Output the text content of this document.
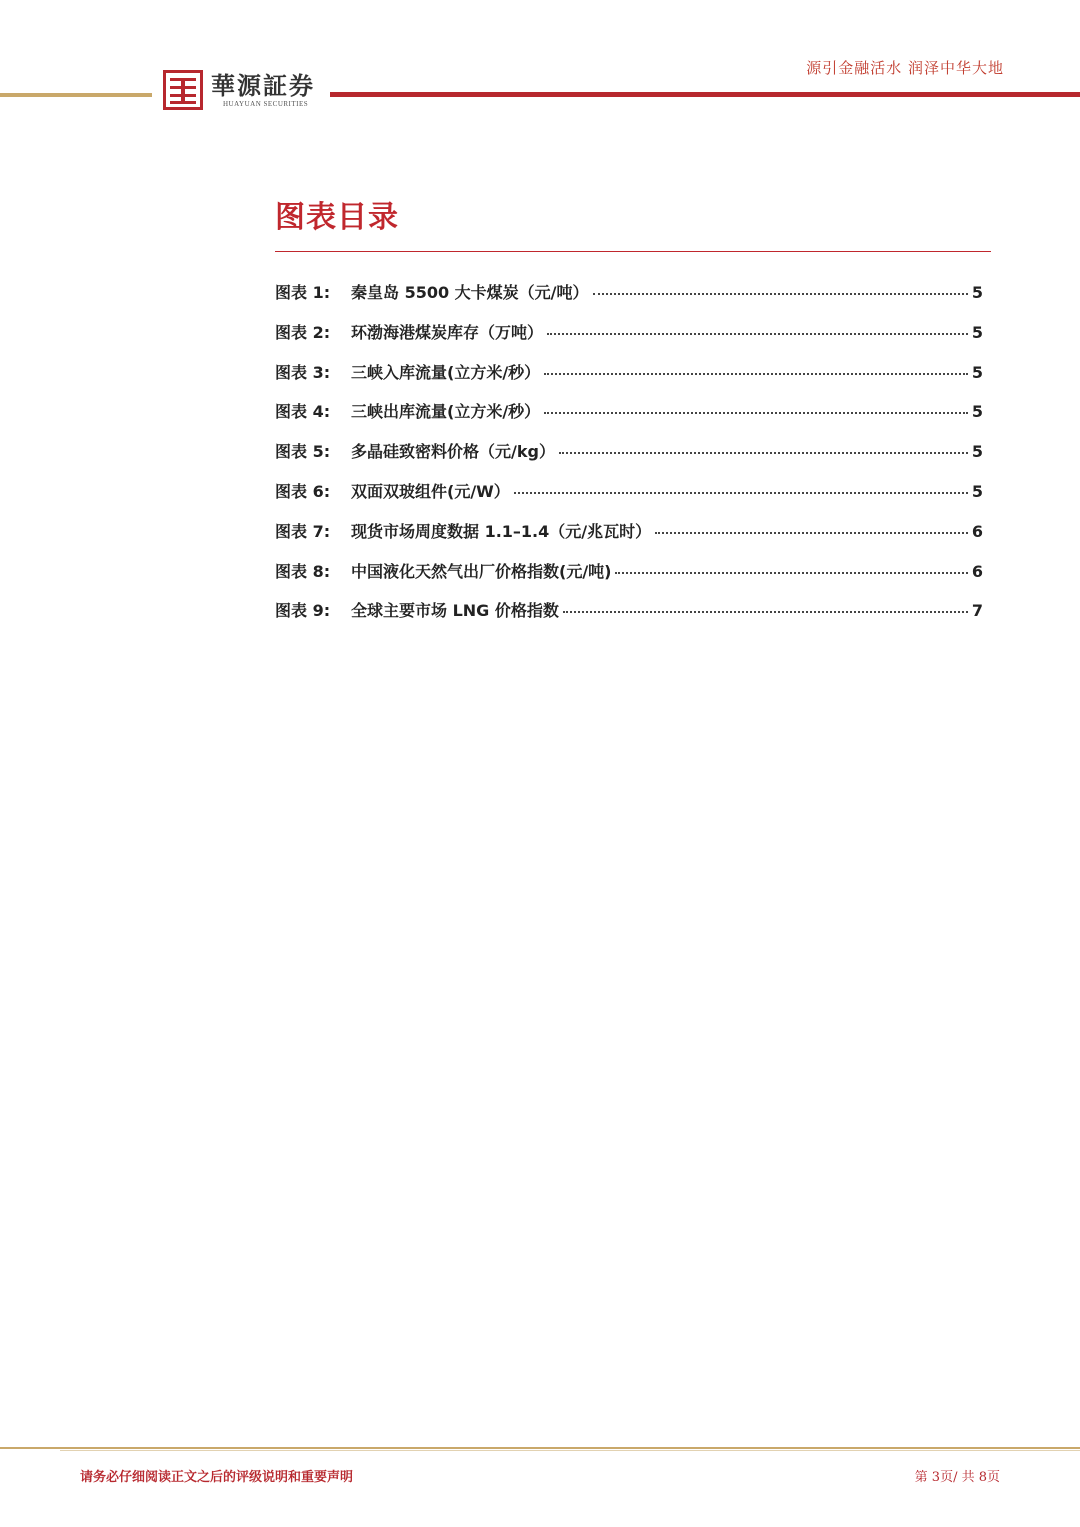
華源証券
HUAYUAN SECURITIES
源引金融活水 润泽中华大地
图表目录
图表 1:	秦皇岛 5500 大卡煤炭（元/吨）	5
图表 2:	环渤海港煤炭库存（万吨）	5
图表 3:	三峡入库流量(立方米/秒）	5
图表 4:	三峡出库流量(立方米/秒）	5
图表 5:	多晶硅致密料价格（元/kg）	5
图表 6:	双面双玻组件(元/W）	5
图表 7:	现货市场周度数据 1.1–1.4（元/兆瓦时）	6
图表 8:	中国液化天然气出厂价格指数(元/吨)	6
图表 9:	全球主要市场 LNG 价格指数	7
请务必仔细阅读正文之后的评级说明和重要声明	第 3页/ 共 8页
